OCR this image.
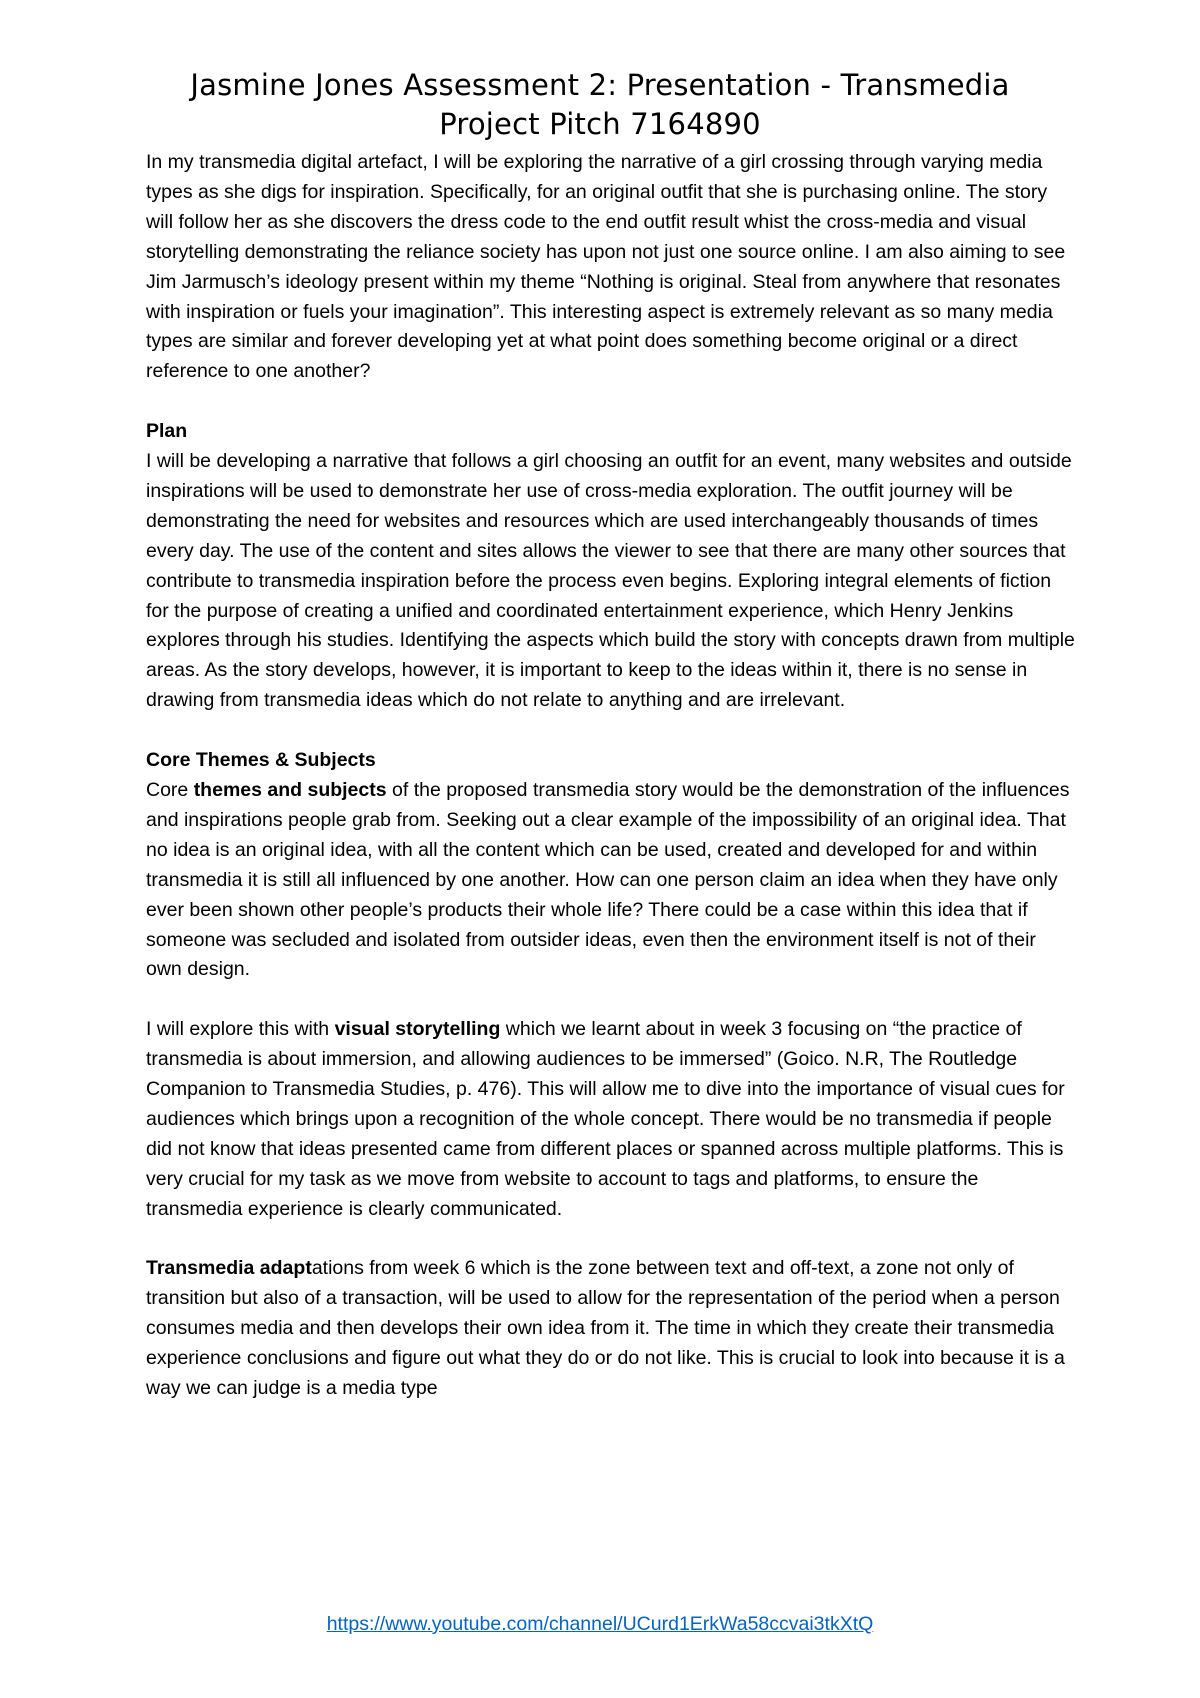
Jasmine Jones Assessment 2: Presentation - Transmedia
Project Pitch 7164890

In my transmedia digital artefact, I will be exploring the narrative of a girl crossing through varying media types as she digs for inspiration. Specifically, for an original outfit that she is purchasing online. The story will follow her as she discovers the dress code to the end outfit result whist the cross-media and visual storytelling demonstrating the reliance society has upon not just one source online. I am also aiming to see Jim Jarmusch’s ideology present within my theme “Nothing is original. Steal from anywhere that resonates with inspiration or fuels your imagination”. This interesting aspect is extremely relevant as so many media types are similar and forever developing yet at what point does something become original or a direct reference to one another?

Plan

I will be developing a narrative that follows a girl choosing an outfit for an event, many websites and outside inspirations will be used to demonstrate her use of cross-media exploration. The outfit journey will be demonstrating the need for websites and resources which are used interchangeably thousands of times every day. The use of the content and sites allows the viewer to see that there are many other sources that contribute to transmedia inspiration before the process even begins. Exploring integral elements of fiction for the purpose of creating a unified and coordinated entertainment experience, which Henry Jenkins explores through his studies. Identifying the aspects which build the story with concepts drawn from multiple areas. As the story develops, however, it is important to keep to the ideas within it, there is no sense in drawing from transmedia ideas which do not relate to anything and are irrelevant.

Core Themes & Subjects

Core themes and subjects of the proposed transmedia story would be the demonstration of the influences and inspirations people grab from. Seeking out a clear example of the impossibility of an original idea. That no idea is an original idea, with all the content which can be used, created and developed for and within transmedia it is still all influenced by one another. How can one person claim an idea when they have only ever been shown other people’s products their whole life? There could be a case within this idea that if someone was secluded and isolated from outsider ideas, even then the environment itself is not of their own design.

I will explore this with visual storytelling which we learnt about in week 3 focusing on “the practice of transmedia is about immersion, and allowing audiences to be immersed” (Goico. N.R, The Routledge Companion to Transmedia Studies, p. 476). This will allow me to dive into the importance of visual cues for audiences which brings upon a recognition of the whole concept. There would be no transmedia if people did not know that ideas presented came from different places or spanned across multiple platforms. This is very crucial for my task as we move from website to account to tags and platforms, to ensure the transmedia experience is clearly communicated.

Transmedia adaptations from week 6 which is the zone between text and off-text, a zone not only of transition but also of a transaction, will be used to allow for the representation of the period when a person consumes media and then develops their own idea from it. The time in which they create their transmedia experience conclusions and figure out what they do or do not like. This is crucial to look into because it is a way we can judge is a media type

https://www.youtube.com/channel/UCurd1ErkWa58ccvai3tkXtQ
